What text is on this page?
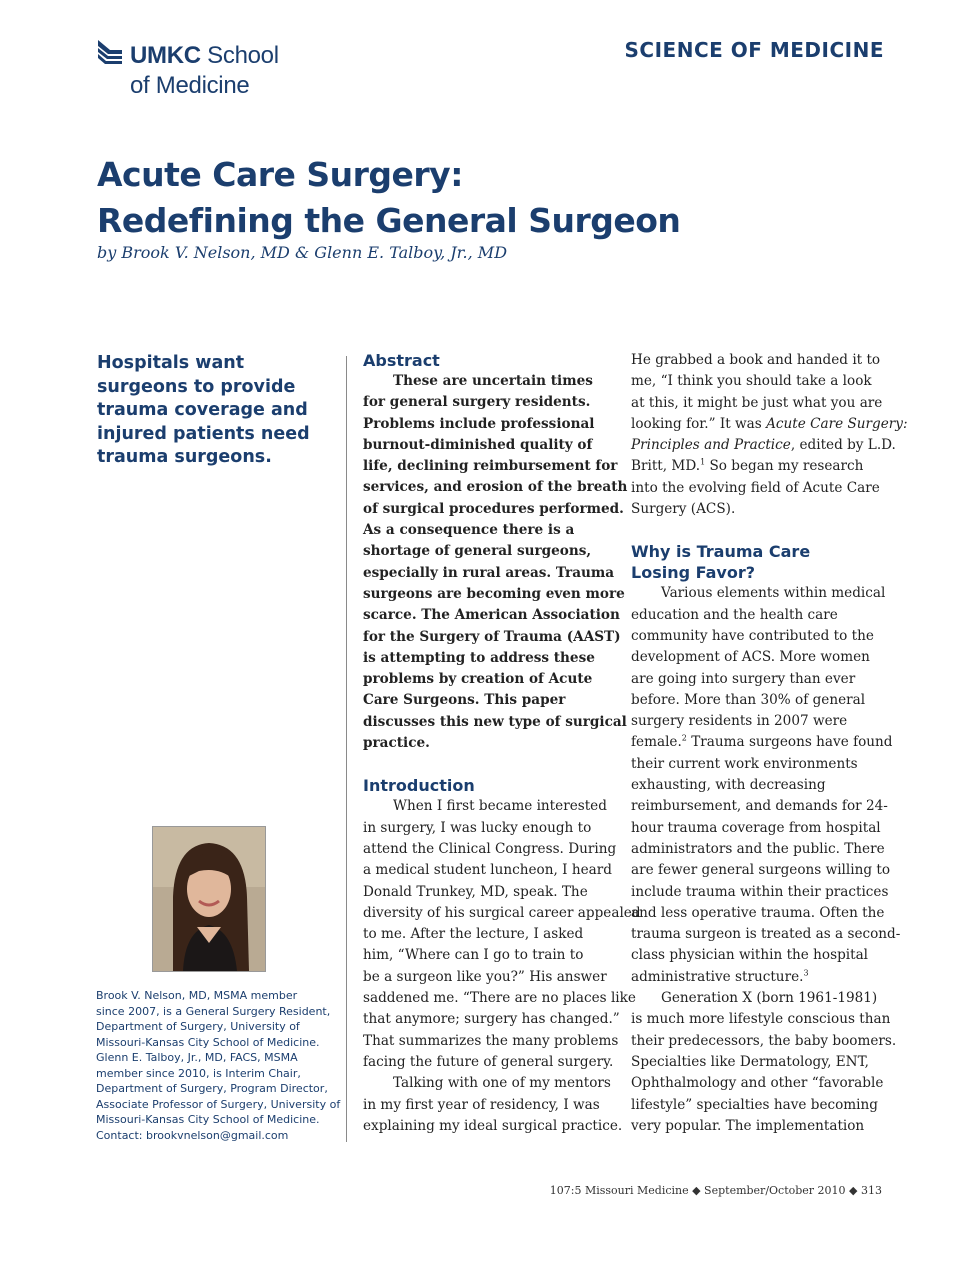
UMKC School
of Medicine
SCIENCE OF MEDICINE
Acute Care Surgery:
Redefining the General Surgeon
by Brook V. Nelson, MD & Glenn E. Talboy, Jr., MD
Hospitals want surgeons to provide trauma coverage and injured patients need trauma surgeons.
Brook V. Nelson, MD, MSMA member
since 2007, is a General Surgery Resident,
Department of Surgery, University of
Missouri-Kansas City School of Medicine.
Glenn E. Talboy, Jr., MD, FACS, MSMA
member since 2010, is Interim Chair,
Department of Surgery, Program Director,
Associate Professor of Surgery, University of
Missouri-Kansas City School of Medicine.
Contact: brookvnelson@gmail.com
Abstract
These are uncertain times
for general surgery residents.
Problems include professional
burnout-diminished quality of
life, declining reimbursement for
services, and erosion of the breath
of surgical procedures performed.
As a consequence there is a
shortage of general surgeons,
especially in rural areas. Trauma
surgeons are becoming even more
scarce. The American Association
for the Surgery of Trauma (AAST)
is attempting to address these
problems by creation of Acute
Care Surgeons. This paper
discusses this new type of surgical
practice.
Introduction
When I first became interested
in surgery, I was lucky enough to
attend the Clinical Congress. During
a medical student luncheon, I heard
Donald Trunkey, MD, speak. The
diversity of his surgical career appealed
to me. After the lecture, I asked
him, “Where can I go to train to
be a surgeon like you?” His answer
saddened me. “There are no places like
that anymore; surgery has changed.”
That summarizes the many problems
facing the future of general surgery.
Talking with one of my mentors
in my first year of residency, I was
explaining my ideal surgical practice.
He grabbed a book and handed it to
me, “I think you should take a look
at this, it might be just what you are
looking for.” It was Acute Care Surgery:
Principles and Practice, edited by L.D.
Britt, MD.$^1$ So began my research
into the evolving field of Acute Care
Surgery (ACS).
Why is Trauma Care
Losing Favor?
Various elements within medical
education and the health care
community have contributed to the
development of ACS. More women
are going into surgery than ever
before. More than 30% of general
surgery residents in 2007 were
female.$^2$ Trauma surgeons have found
their current work environments
exhausting, with decreasing
reimbursement, and demands for 24-
hour trauma coverage from hospital
administrators and the public. There
are fewer general surgeons willing to
include trauma within their practices
and less operative trauma. Often the
trauma surgeon is treated as a second-
class physician within the hospital
administrative structure.$^3$
Generation X (born 1961-1981)
is much more lifestyle conscious than
their predecessors, the baby boomers.
Specialties like Dermatology, ENT,
Ophthalmology and other “favorable
lifestyle” specialties have becoming
very popular. The implementation
107:5 Missouri Medicine ◆ September/October 2010 ◆ 313
